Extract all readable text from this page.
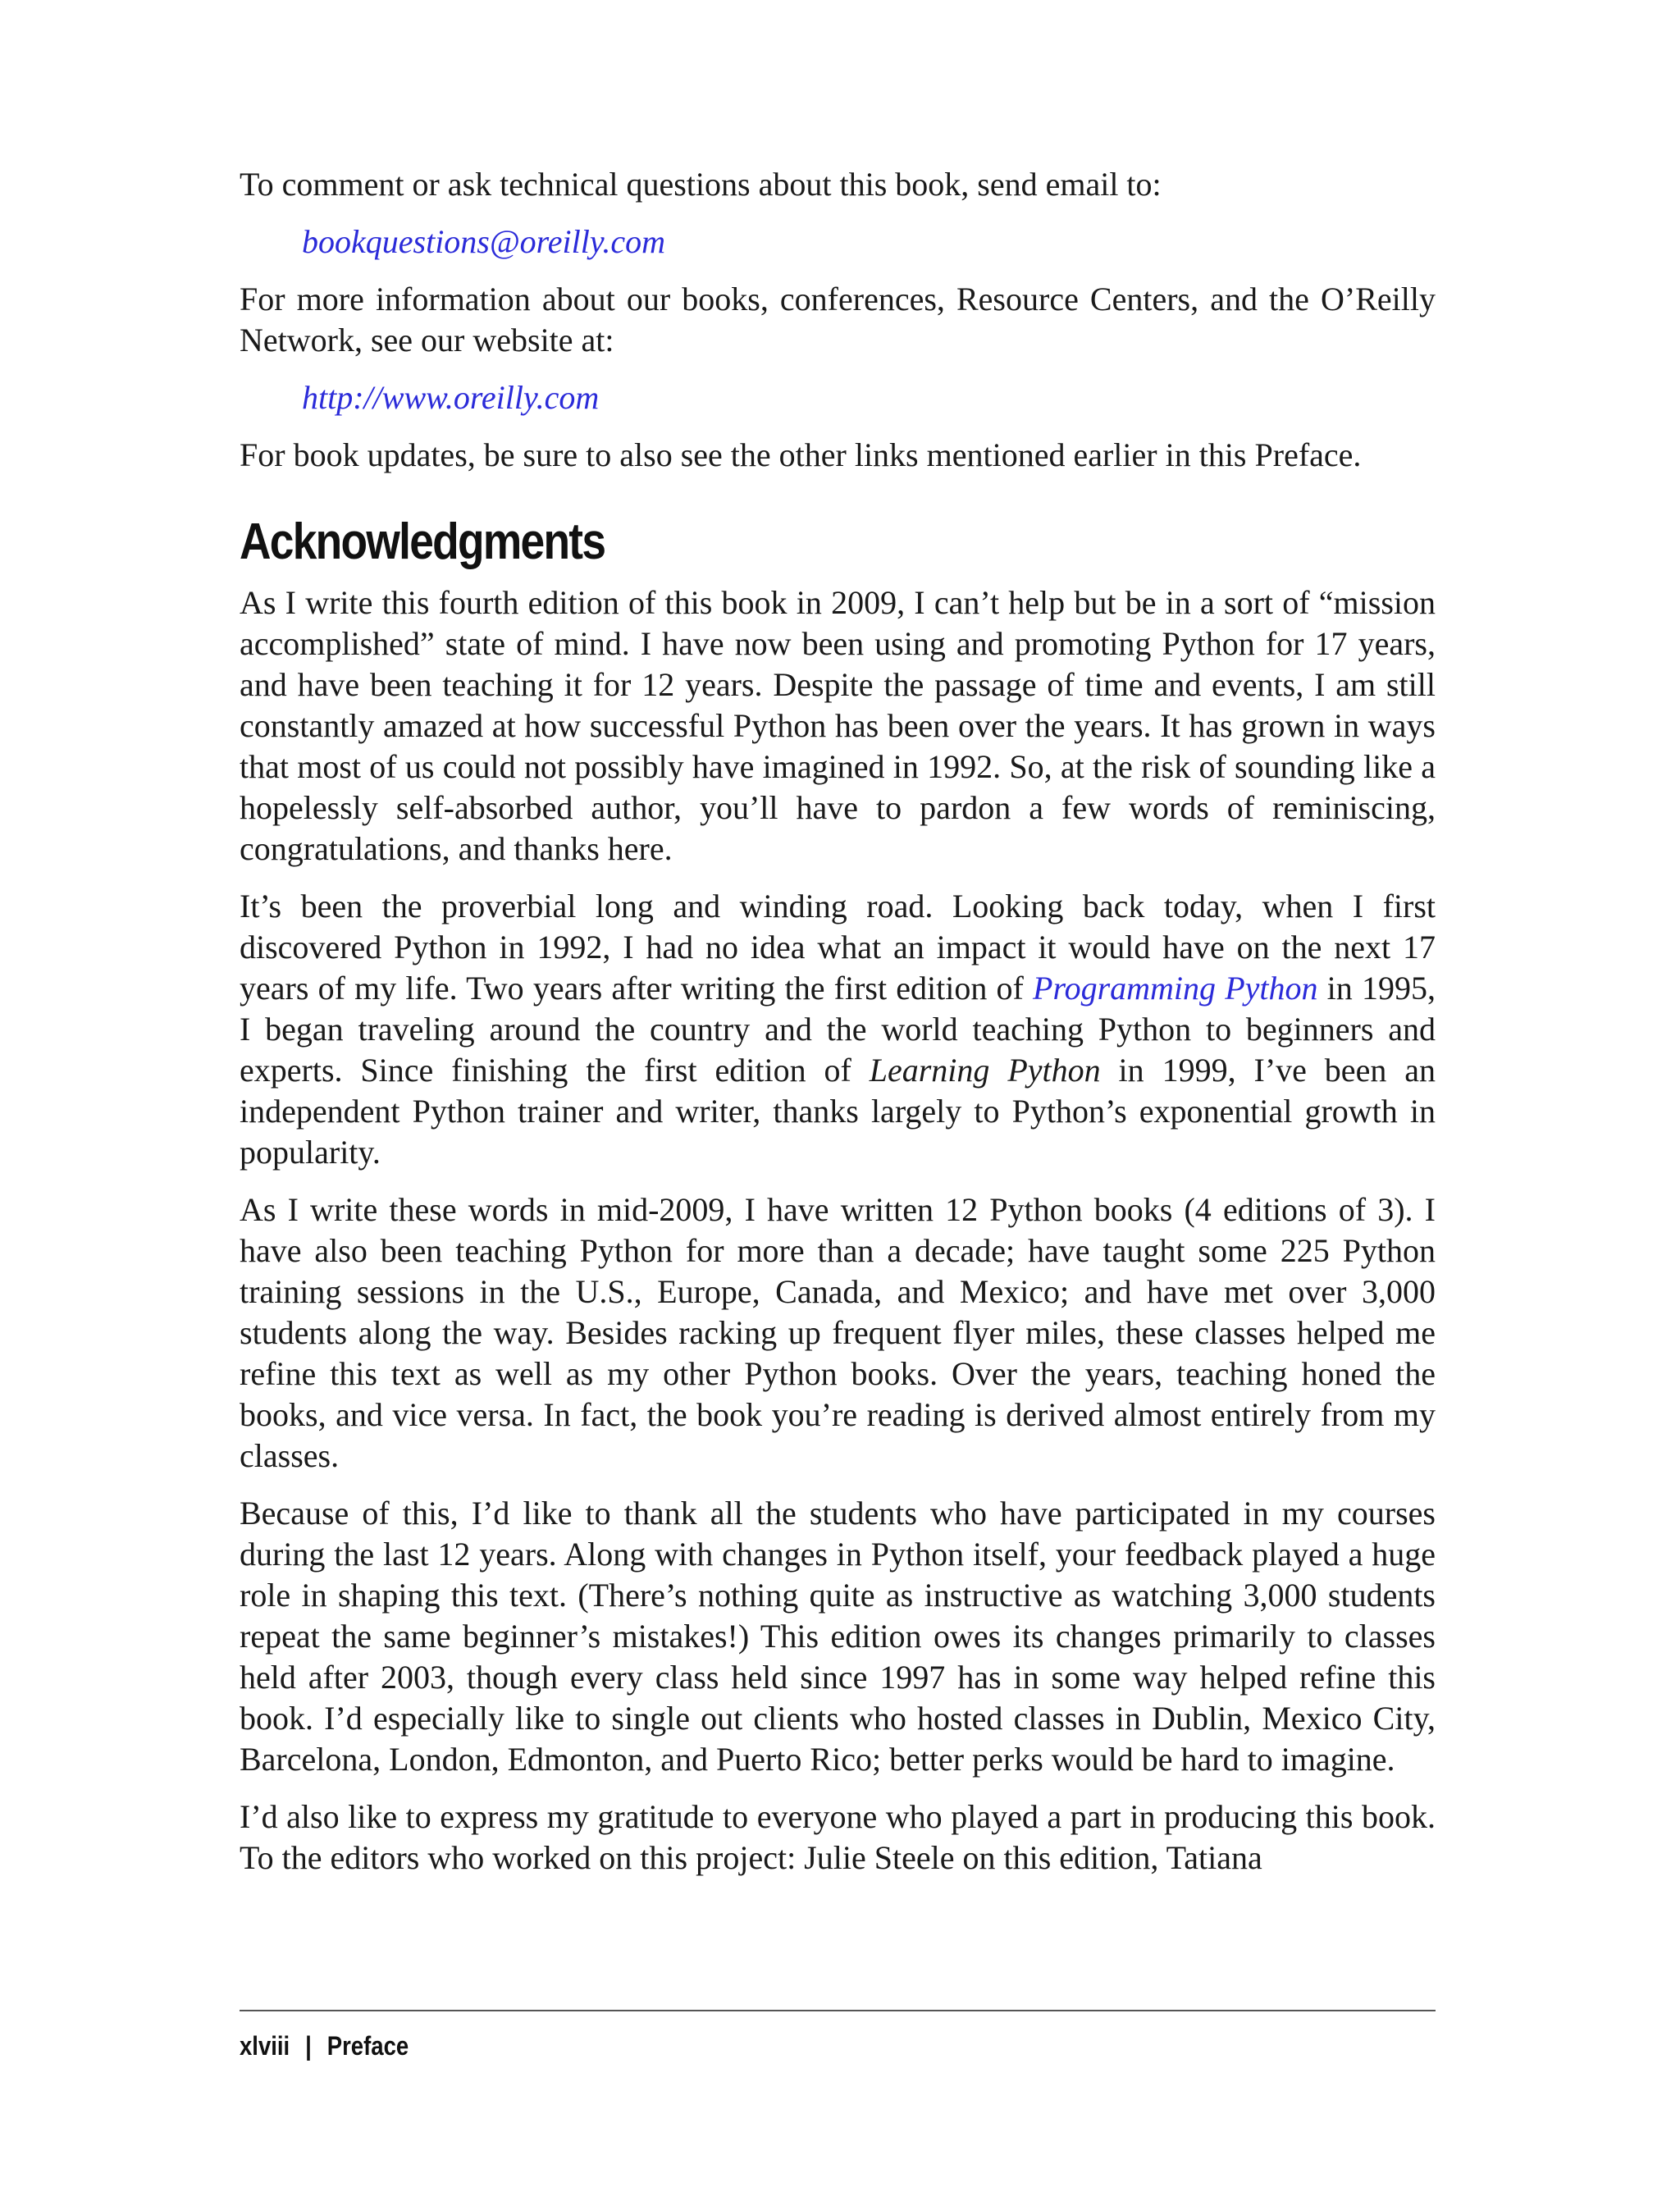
To comment or ask technical questions about this book, send email to:

bookquestions@oreilly.com

For more information about our books, conferences, Resource Centers, and the O’Reilly Network, see our website at:

http://www.oreilly.com

For book updates, be sure to also see the other links mentioned earlier in this Preface.

Acknowledgments

As I write this fourth edition of this book in 2009, I can’t help but be in a sort of “mission accomplished” state of mind. I have now been using and promoting Python for 17 years, and have been teaching it for 12 years. Despite the passage of time and events, I am still constantly amazed at how successful Python has been over the years. It has grown in ways that most of us could not possibly have imagined in 1992. So, at the risk of sounding like a hopelessly self-absorbed author, you’ll have to pardon a few words of reminiscing, congratulations, and thanks here.

It’s been the proverbial long and winding road. Looking back today, when I first discovered Python in 1992, I had no idea what an impact it would have on the next 17 years of my life. Two years after writing the first edition of Programming Python in 1995, I began traveling around the country and the world teaching Python to beginners and experts. Since finishing the first edition of Learning Python in 1999, I’ve been an independent Python trainer and writer, thanks largely to Python’s exponential growth in popularity.

As I write these words in mid-2009, I have written 12 Python books (4 editions of 3). I have also been teaching Python for more than a decade; have taught some 225 Python training sessions in the U.S., Europe, Canada, and Mexico; and have met over 3,000 students along the way. Besides racking up frequent flyer miles, these classes helped me refine this text as well as my other Python books. Over the years, teaching honed the books, and vice versa. In fact, the book you’re reading is derived almost entirely from my classes.

Because of this, I’d like to thank all the students who have participated in my courses during the last 12 years. Along with changes in Python itself, your feedback played a huge role in shaping this text. (There’s nothing quite as instructive as watching 3,000 students repeat the same beginner’s mistakes!) This edition owes its changes primarily to classes held after 2003, though every class held since 1997 has in some way helped refine this book. I’d especially like to single out clients who hosted classes in Dublin, Mexico City, Barcelona, London, Edmonton, and Puerto Rico; better perks would be hard to imagine.

I’d also like to express my gratitude to everyone who played a part in producing this book. To the editors who worked on this project: Julie Steele on this edition, Tatiana

xlviii | Preface
